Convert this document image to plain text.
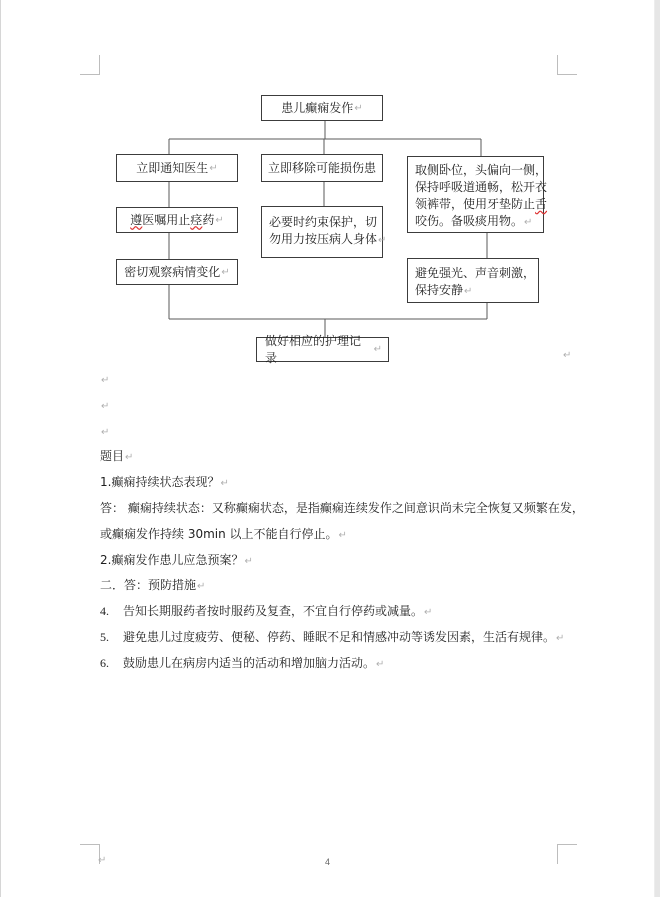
患儿癫痫发作 ↵
立即通知医生 ↵
遵 医嘱用止 痉 药 ↵
密切观察病情变化 ↵
立即移除可能损伤患
必要时约束保护，切
勿用力按压病人身体↵
取侧卧位，头偏向一侧，
保持呼吸道通畅，松开衣
领裤带，使用牙垫防止舌
咬伤。备吸痰用物。↵
避免强光、声音刺激，
保持安静↵
做好相应的护理记录
↵
↵
↵
↵
↵
题目↵
1.癫痫持续状态表现？↵
答： 癫痫持续状态：又称癫痫状态，是指癫痫连续发作之间意识尚未完全恢复又频繁在发，
或癫痫发作持续 30min 以上不能自行停止。↵
2.癫痫发作患儿应急预案？↵
二．答：预防措施↵
4. 告知长期服药者按时服药及复查，不宜自行停药或减量。↵
5. 避免患儿过度疲劳、便秘、停药、睡眠不足和情感冲动等诱发因素，生活有规律。↵
6. 鼓励患儿在病房内适当的活动和增加脑力活动。↵
↵	4
